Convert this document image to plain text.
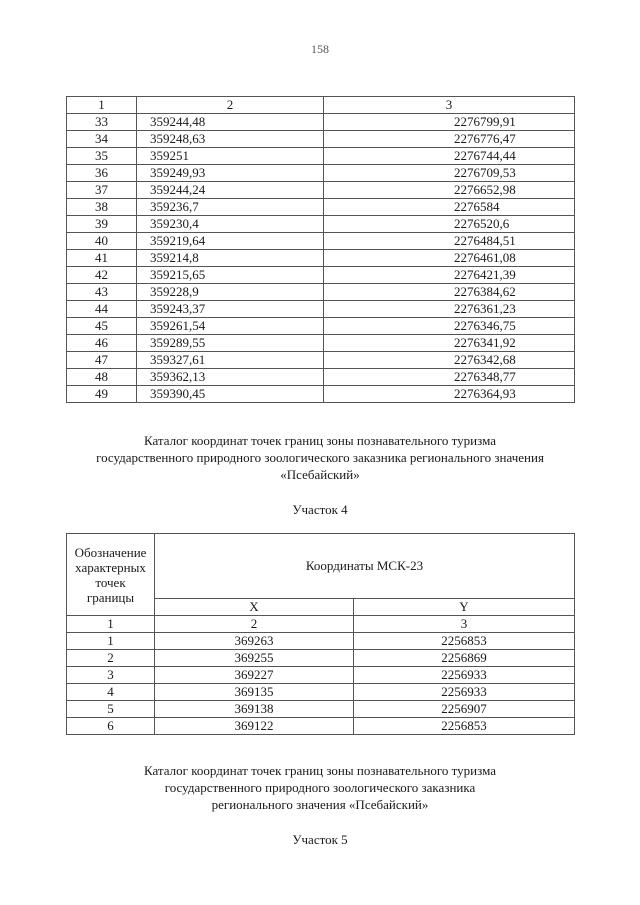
158
1	2	3
33	359244,48	2276799,91
34	359248,63	2276776,47
35	359251	2276744,44
36	359249,93	2276709,53
37	359244,24	2276652,98
38	359236,7	2276584
39	359230,4	2276520,6
40	359219,64	2276484,51
41	359214,8	2276461,08
42	359215,65	2276421,39
43	359228,9	2276384,62
44	359243,37	2276361,23
45	359261,54	2276346,75
46	359289,55	2276341,92
47	359327,61	2276342,68
48	359362,13	2276348,77
49	359390,45	2276364,93
Каталог координат точек границ зоны познавательного туризма
государственного природного зоологического заказника регионального значения
«Псебайский»
Участок 4
Обозначение
характерных
точек
границы	Координаты МСК-23	
	X	Y
1	2	3
1	369263	2256853
2	369255	2256869
3	369227	2256933
4	369135	2256933
5	369138	2256907
6	369122	2256853
Каталог координат точек границ зоны познавательного туризма
государственного природного зоологического заказника
регионального значения «Псебайский»
Участок 5
